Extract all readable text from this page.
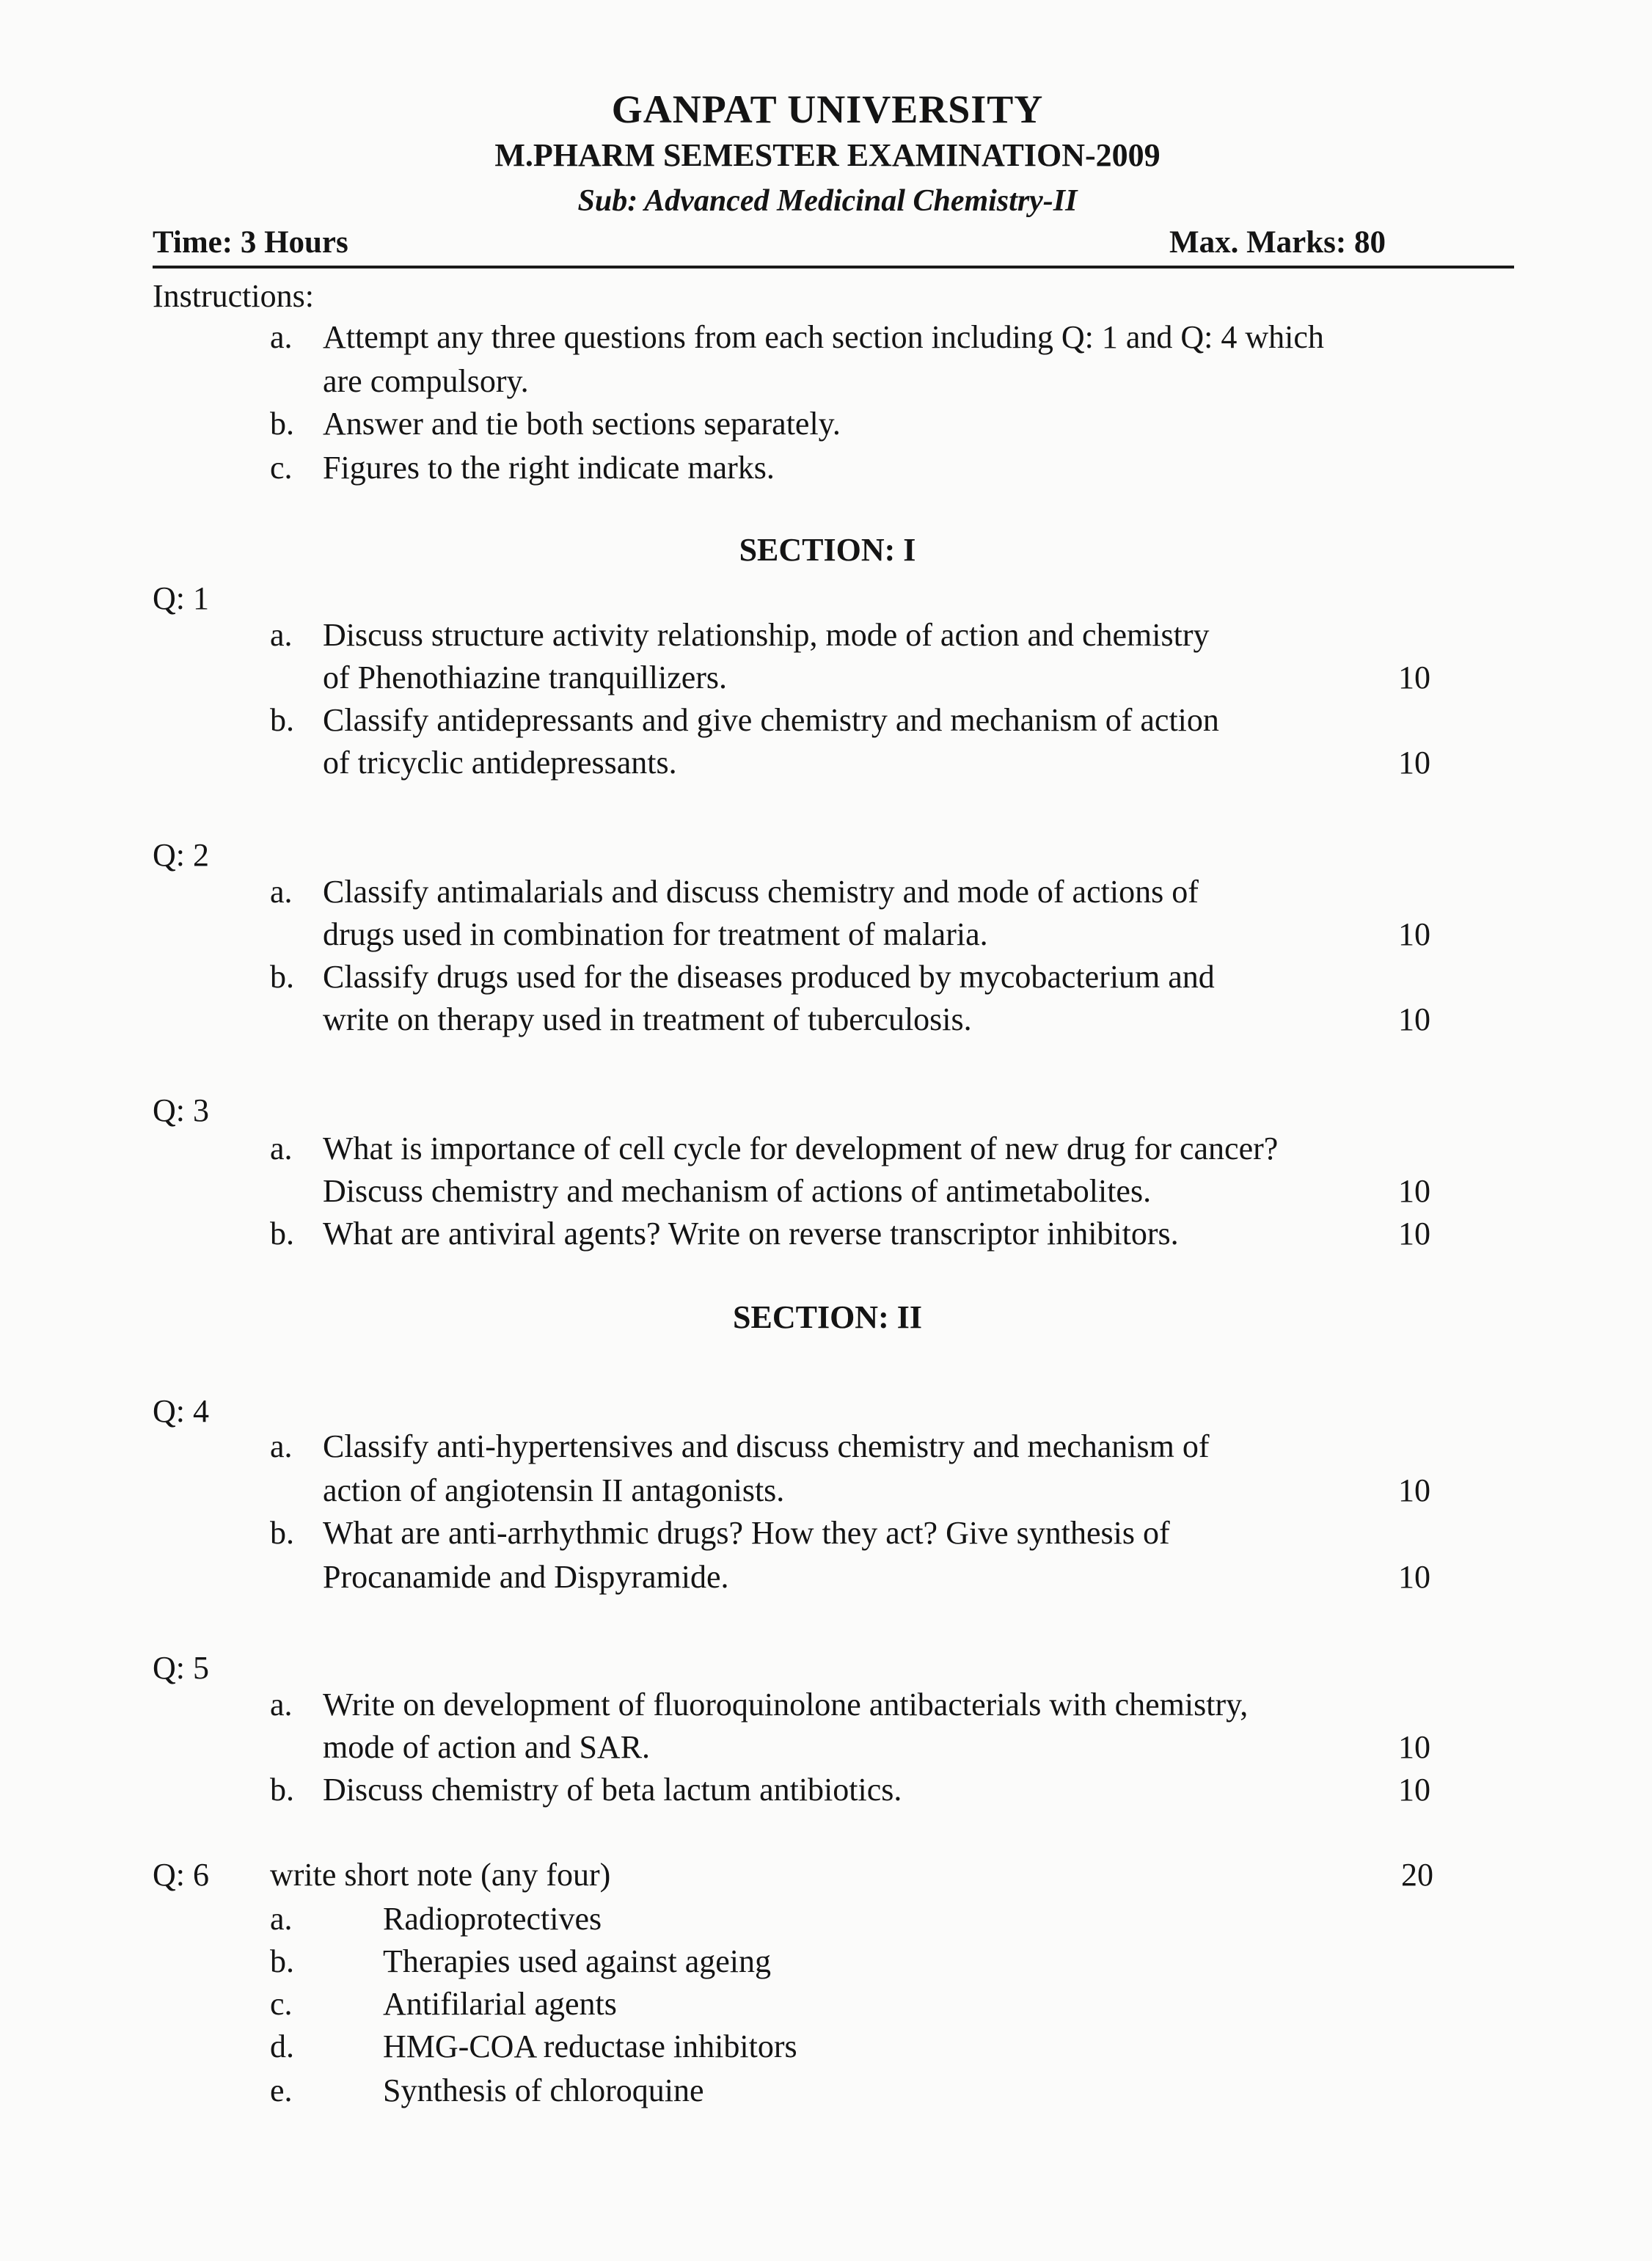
GANPAT UNIVERSITY
M.PHARM SEMESTER EXAMINATION-2009
Sub: Advanced Medicinal Chemistry-II
Time: 3 Hours	Max. Marks: 80
Instructions:
a. Attempt any three questions from each section including Q: 1 and Q: 4 which
are compulsory.
b. Answer and tie both sections separately.
c. Figures to the right indicate marks.
SECTION: I
Q: 1
a. Discuss structure activity relationship, mode of action and chemistry
of Phenothiazine tranquillizers.	10
b. Classify antidepressants and give chemistry and mechanism of action
of tricyclic antidepressants.	10
Q: 2
a. Classify antimalarials and discuss chemistry and mode of actions of
drugs used in combination for treatment of malaria.	10
b. Classify drugs used for the diseases produced by mycobacterium and
write on therapy used in treatment of tuberculosis.	10
Q: 3
a. What is importance of cell cycle for development of new drug for cancer?
Discuss chemistry and mechanism of actions of antimetabolites.	10
b. What are antiviral agents? Write on reverse transcriptor inhibitors.	10
SECTION: II
Q: 4
a. Classify anti-hypertensives and discuss chemistry and mechanism of
action of angiotensin II antagonists.	10
b. What are anti-arrhythmic drugs? How they act? Give synthesis of
Procanamide and Dispyramide.	10
Q: 5
a. Write on development of fluoroquinolone antibacterials with chemistry,
mode of action and SAR.	10
b. Discuss chemistry of beta lactum antibiotics.	10
Q: 6 write short note (any four)	20
a.	Radioprotectives
b.	Therapies used against ageing
c.	Antifilarial agents
d.	HMG-COA reductase inhibitors
e.	Synthesis of chloroquine
